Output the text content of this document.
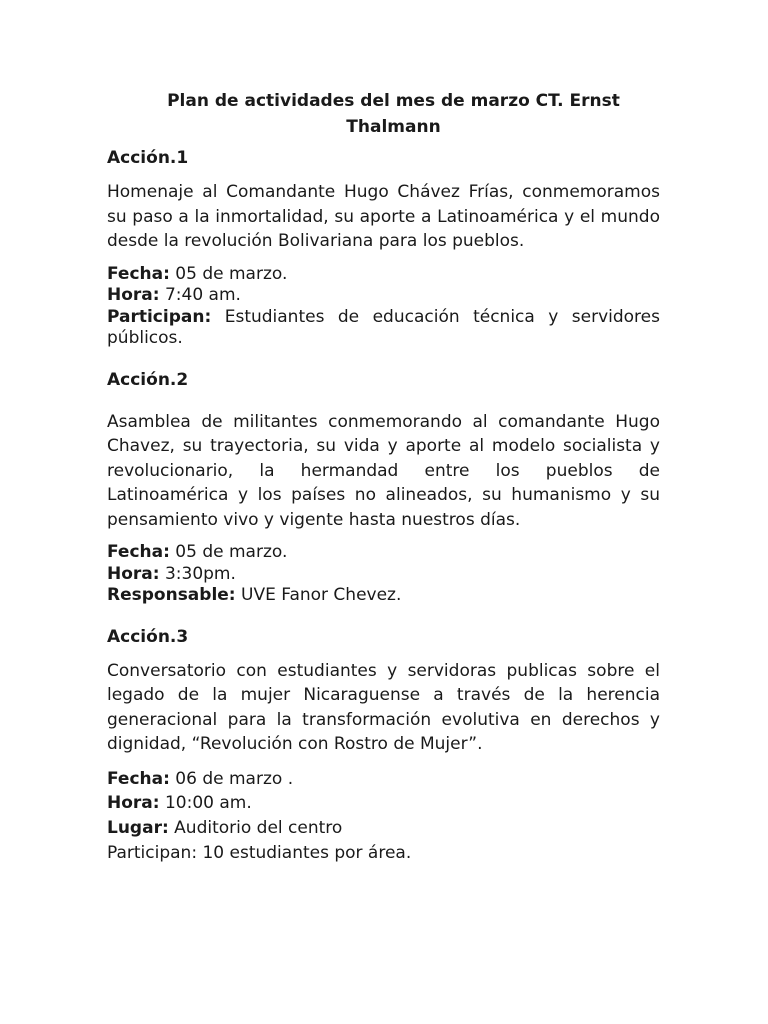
Plan de actividades del mes de marzo CT. Ernst Thalmann

Acción.1

Homenaje al Comandante Hugo Chávez Frías, conmemoramos su paso a la inmortalidad, su aporte a Latinoamérica y el mundo desde la revolución Bolivariana para los pueblos.

Fecha: 05 de marzo.

Hora: 7:40 am.

Participan: Estudiantes de educación técnica y servidores públicos.

Acción.2

Asamblea de militantes conmemorando al comandante Hugo Chavez, su trayectoria, su vida y aporte al modelo socialista y revolucionario, la hermandad entre los pueblos de Latinoamérica y los países no alineados, su humanismo y su pensamiento vivo y vigente hasta nuestros días.

Fecha: 05 de marzo.

Hora: 3:30pm.

Responsable: UVE Fanor Chevez.

Acción.3

Conversatorio con estudiantes y servidoras publicas sobre el legado de la mujer Nicaraguense a través de la herencia generacional para la transformación evolutiva en derechos y dignidad, “Revolución con Rostro de Mujer”.

Fecha: 06 de marzo .

Hora: 10:00 am.

Lugar: Auditorio del centro

Participan: 10 estudiantes por área.
